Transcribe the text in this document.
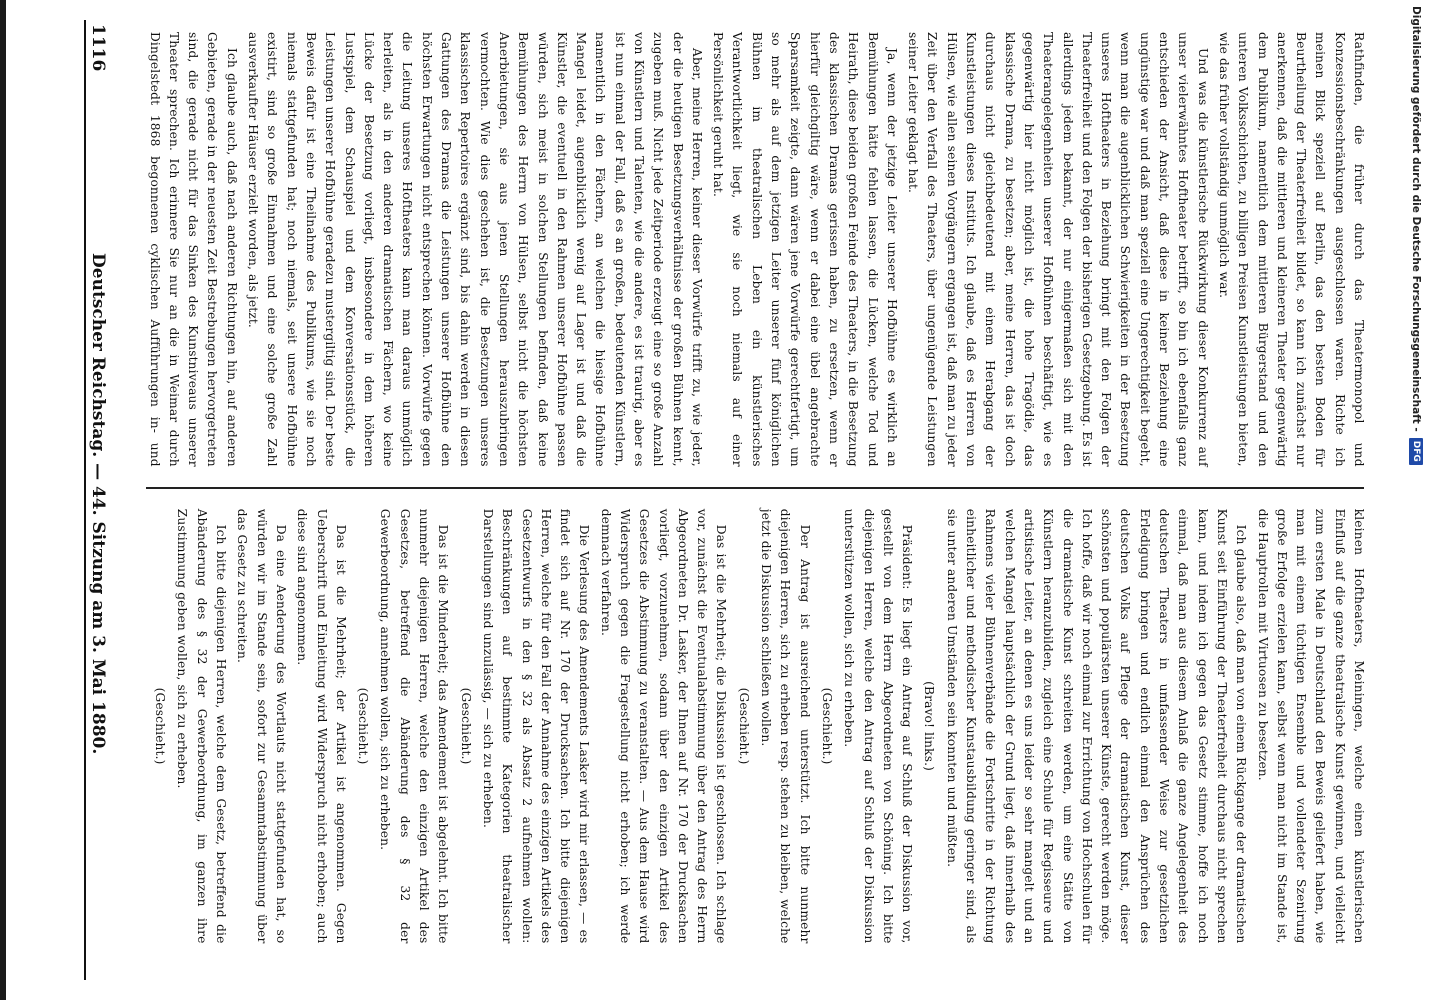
1116
Deutscher Reichstag. — 44. Sitzung am 3. Mai 1880.

Rathfinden, die früher durch das Theatermonopol und Konzessionsbeschränkungen ausgeschlossen waren. Richte ich meinen Blick speziell auf Berlin, das den besten Boden für Beurtheilung der Theaterfreiheit bildet, so kann ich zunächst nur anerkennen, daß die mittleren und kleineren Theater gegenwärtig dem Publikum, namentlich dem mittleren Bürgerstand und den unteren Volksschichten, zu billigen Preisen Kunstleistungen bieten, wie das früher vollständig unmöglich war.

Und was die künstlerische Rückwirkung dieser Konkurrenz auf unser vielerwähntes Hoftheater betrifft, so bin ich ebenfalls ganz entschieden der Ansicht, daß diese in keiner Beziehung eine ungünstige war und daß man speziell eine Ungerechtigkeit begeht, wenn man die augenblicklichen Schwierigkeiten in der Besetzung unseres Hoftheaters in Beziehung bringt mit den Folgen der Theaterfreiheit und den Folgen der bisherigen Gesetzgebung. Es ist allerdings jedem bekannt, der nur einigermaßen sich mit den Theaterangelegenheiten unserer Hofbühnen beschäftigt, wie es gegenwärtig hier nicht möglich ist, die hohe Tragödie, das klassische Drama, zu besetzen; aber, meine Herren, das ist doch durchaus nicht gleichbedeutend mit einem Herabgang der Kunstleistungen dieses Instituts. Ich glaube, daß es Herren von Hülsen, wie allen seinen Vorgängern ergangen ist, daß man zu jeder Zeit über den Verfall des Theaters, über ungenügende Leistungen seiner Leiter geklagt hat.

Ja, wenn der jetzige Leiter unserer Hofbühne es wirklich an Bemühungen hätte fehlen lassen, die Lücken, welche Tod und Heirath, diese beiden großen Feinde des Theaters, in die Besetzung des klassischen Dramas gerissen haben, zu ersetzen, wenn er hierfür gleichgiltig wäre, wenn er dabei eine übel angebrachte Sparsamkeit zeigte, dann wären jene Vorwürfe gerechtfertigt, um so mehr als auf dem jetzigen Leiter unserer fünf königlichen Bühnen im theatralischen Leben ein künstlerisches Verantwortlichkeit liegt, wie sie noch niemals auf einer Persönlichkeit geruht hat.

Aber, meine Herren, keiner dieser Vorwürfe trifft zu, wie jeder, der die heutigen Besetzungsverhältnisse der großen Bühnen kennt, zugeben muß. Nicht jede Zeitperiode erzeugt eine so große Anzahl von Künstlern und Talenten, wie die andere, es ist traurig, aber es ist nun einmal der Fall, daß es an großen, bedeutenden Künstlern, namentlich in den Fächern, an welchen die hiesige Hofbühne Mangel leidet, augenblicklich wenig auf Lager ist und daß die Künstler, die eventuell in den Rahmen unserer Hofbühne passen würden, sich meist in solchen Stellungen befinden, daß keine Bemühungen des Herrn von Hülsen, selbst nicht die höchsten Anerbietungen, sie aus jenen Stellungen herauszubringen vermochten. Wie dies geschehen ist, die Besetzungen unseres klassischen Repertoires ergänzt sind, bis dahin werden in diesen Gattungen des Dramas die Leistungen unserer Hofbühne den höchsten Erwartungen nicht entsprechen können. Vorwürfe gegen die Leitung unseres Hoftheaters kann man daraus unmöglich herleiten, als in den anderen dramatischen Fächern, wo keine Lücke der Besetzung vorliegt, insbesondere in dem höheren Lustspiel, dem Schauspiel und dem Konversationsstück, die Leistungen unserer Hofbühne geradezu mustergiltig sind. Der beste Beweis dafür ist eine Theilnahme des Publikums, wie sie noch niemals stattgefunden hat; noch niemals, seit unsere Hofbühne existirt, sind so große Einnahmen und eine solche große Zahl ausverkaufter Häuser erzielt worden, als jetzt.

Ich glaube auch, daß nach anderen Richtungen hin, auf anderen Gebieten, gerade in der neuesten Zeit Bestrebungen hervorgetreten sind, die gerade nicht für das Sinken des Kunstniveaus unserer Theater sprechen. Ich erinnere Sie nur an die in Weimar durch Dingelstedt 1868 begonnenen cyklischen Aufführungen in- und

kleinen Hoftheaters, Meiningen, welche einen künstlerischen Einfluß auf die ganze theatralische Kunst gewinnen, und vielleicht zum ersten Male in Deutschland den Beweis geliefert haben, wie man mit einem tüchtigen Ensemble und vollendeter Szenirung große Erfolge erzielen kann, selbst wenn man nicht im Stande ist, die Hauptrollen mit Virtuosen zu besetzen.

Ich glaube also, daß man von einem Rückgange der dramatischen Kunst seit Einführung der Theaterfreiheit durchaus nicht sprechen kann, und indem ich gegen das Gesetz stimme, hoffe ich noch einmal, daß man aus diesem Anlaß die ganze Angelegenheit des deutschen Theaters in umfassender Weise zur gesetzlichen Erledigung bringen und endlich einmal den Ansprüchen des deutschen Volks auf Pflege der dramatischen Kunst, dieser schönsten und populärsten unserer Künste, gerecht werden möge. Ich hoffe, daß wir noch einmal zur Errichtung von Hochschulen für die dramatische Kunst schreiten werden, um eine Stätte von Künstlern heranzubilden, zugleich eine Schule für Regisseure und artistische Leiter, an denen es uns leider so sehr mangelt und an welchen Mangel hauptsächlich der Grund liegt, daß innerhalb des Rahmens vieler Bühnenverbände die Fortschritte in der Richtung einheitlicher und methodischer Kunstausbildung geringer sind, als sie unter anderen Umständen sein konnten und müßten.

(Bravo! links.)

Präsident: Es liegt ein Antrag auf Schluß der Diskussion vor, gestellt von dem Herrn Abgeordneten von Schöning. Ich bitte diejenigen Herren, welche den Antrag auf Schluß der Diskussion unterstützen wollen, sich zu erheben.

(Geschieht.)

Der Antrag ist ausreichend unterstützt. Ich bitte nunmehr diejenigen Herren, sich zu erheben resp. stehen zu bleiben, welche jetzt die Diskussion schließen wollen.

(Geschieht.)

Das ist die Mehrheit; die Diskussion ist geschlossen. Ich schlage vor, zunächst die Eventualabstimmung über den Antrag des Herrn Abgeordneten Dr. Lasker, der Ihnen auf Nr. 170 der Drucksachen vorliegt, vorzunehmen, sodann über den einzigen Artikel des Gesetzes die Abstimmung zu veranstalten. — Aus dem Hause wird Widerspruch gegen die Fragestellung nicht erhoben; ich werde demnach verfahren.

Die Verlesung des Amendements Lasker wird mir erlassen, — es findet sich auf Nr. 170 der Drucksachen. Ich bitte diejenigen Herren, welche für den Fall der Annahme des einzigen Artikels des Gesetzentwurfs in den § 32 als Absatz 2 aufnehmen wollen: Beschränkungen auf bestimmte Kategorien theatralischer Darstellungen sind unzulässig, — sich zu erheben.

(Geschieht.)

Das ist die Minderheit; das Amendement ist abgelehnt. Ich bitte nunmehr diejenigen Herren, welche den einzigen Artikel des Gesetzes, betreffend die Abänderung des § 32 der Gewerbeordnung, annehmen wollen, sich zu erheben.

(Geschieht.)

Das ist die Mehrheit; der Artikel ist angenommen. Gegen Ueberschrift und Einleitung wird Widerspruch nicht erhoben; auch diese sind angenommen.

Da eine Aenderung des Wortlauts nicht stattgefunden hat, so würden wir im Stande sein, sofort zur Gesammtabstimmung über das Gesetz zu schreiten.

Ich bitte diejenigen Herren, welche dem Gesetz, betreffend die Abänderung des § 32 der Gewerbeordnung, im ganzen ihre Zustimmung geben wollen, sich zu erheben.

(Geschieht.)

Digitalisierung gefördert durch die Deutsche Forschungsgemeinschaft -
DFG
